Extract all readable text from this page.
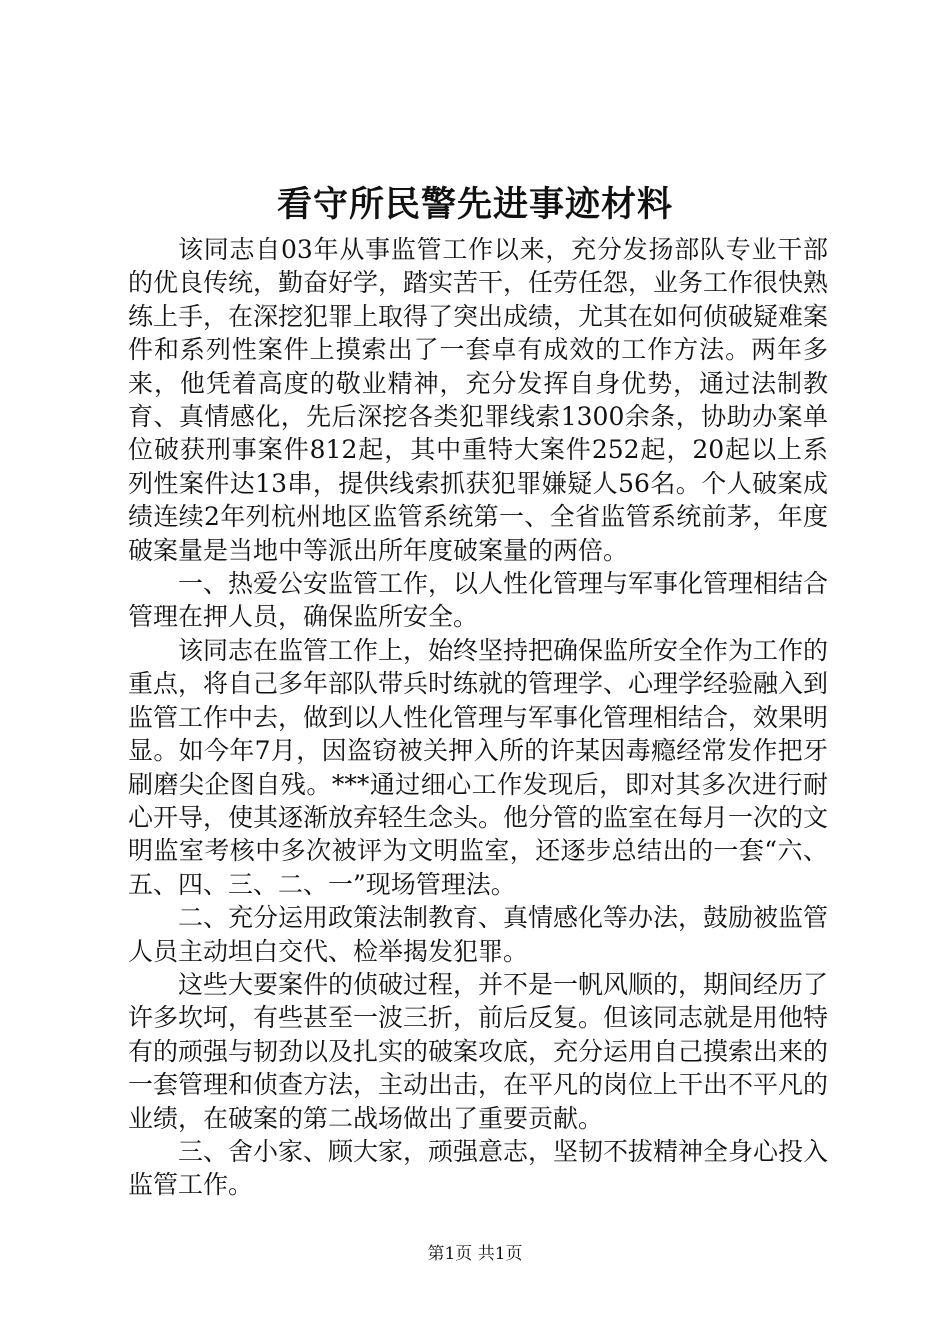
看守所民警先进事迹材料

该同志自03年从事监管工作以来，充分发扬部队专业干部的优良传统，勤奋好学，踏实苦干，任劳任怨，业务工作很快熟练上手，在深挖犯罪上取得了突出成绩，尤其在如何侦破疑难案件和系列性案件上摸索出了一套卓有成效的工作方法。两年多来，他凭着高度的敬业精神，充分发挥自身优势，通过法制教育、真情感化，先后深挖各类犯罪线索1300余条，协助办案单位破获刑事案件812起，其中重特大案件252起，20起以上系列性案件达13串，提供线索抓获犯罪嫌疑人56名。个人破案成绩连续2年列杭州地区监管系统第一、全省监管系统前茅，年度破案量是当地中等派出所年度破案量的两倍。

一、热爱公安监管工作，以人性化管理与军事化管理相结合管理在押人员，确保监所安全。

该同志在监管工作上，始终坚持把确保监所安全作为工作的重点，将自己多年部队带兵时练就的管理学、心理学经验融入到监管工作中去，做到以人性化管理与军事化管理相结合，效果明显。如今年7月，因盗窃被关押入所的许某因毒瘾经常发作把牙刷磨尖企图自残。***通过细心工作发现后，即对其多次进行耐心开导，使其逐渐放弃轻生念头。他分管的监室在每月一次的文明监室考核中多次被评为文明监室，还逐步总结出的一套“六、五、四、三、二、一”现场管理法。

二、充分运用政策法制教育、真情感化等办法，鼓励被监管人员主动坦白交代、检举揭发犯罪。

这些大要案件的侦破过程，并不是一帆风顺的，期间经历了许多坎坷，有些甚至一波三折，前后反复。但该同志就是用他特有的顽强与韧劲以及扎实的破案攻底，充分运用自己摸索出来的一套管理和侦查方法，主动出击，在平凡的岗位上干出不平凡的业绩，在破案的第二战场做出了重要贡献。

三、舍小家、顾大家，顽强意志，坚韧不拔精神全身心投入监管工作。

第1页 共1页
